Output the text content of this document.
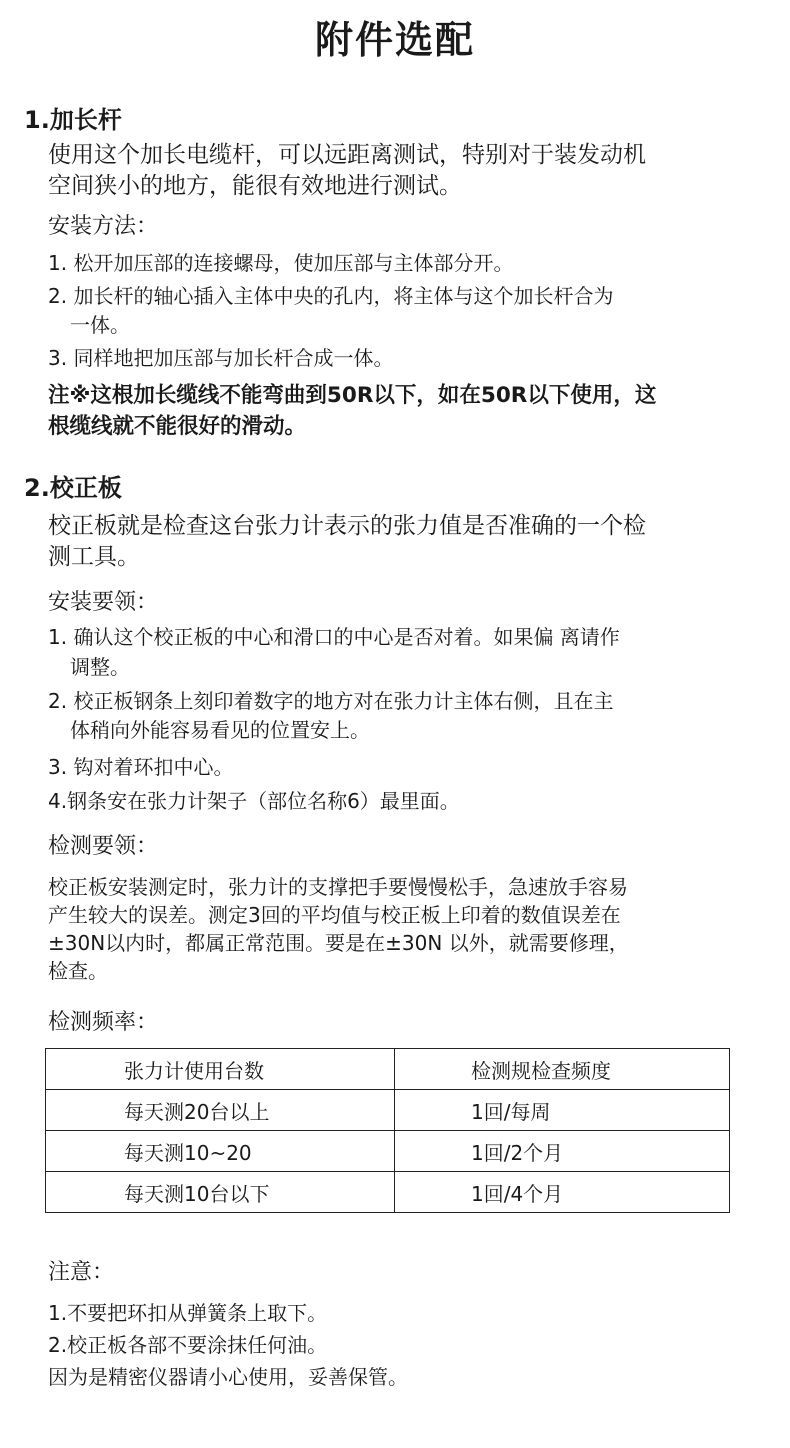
附件选配
1.加长杆
使用这个加长电缆杆，可以远距离测试，特别对于装发动机
空间狭小的地方，能很有效地进行测试。
安装方法：
1. 松开加压部的连接螺母，使加压部与主体部分开。
2. 加长杆的轴心插入主体中央的孔内，将主体与这个加长杆合为
一体。
3. 同样地把加压部与加长杆合成一体。
注※这根加长缆线不能弯曲到50R以下，如在50R以下使用，这
根缆线就不能很好的滑动。
2.校正板
校正板就是检查这台张力计表示的张力值是否准确的一个检
测工具。
安装要领：
1. 确认这个校正板的中心和滑口的中心是否对着。如果偏 离请作
调整。
2. 校正板钢条上刻印着数字的地方对在张力计主体右侧，且在主
体稍向外能容易看见的位置安上。
3. 钩对着环扣中心。
4.钢条安在张力计架子（部位名称6）最里面。
检测要领：
校正板安装测定时，张力计的支撑把手要慢慢松手，急速放手容易
产生较大的误差。测定3回的平均值与校正板上印着的数值误差在
±30N以内时，都属正常范围。要是在±30N 以外，就需要修理，
检查。
检测频率：
张力计使用台数	检测规检查频度
每天测20台以上	1回/每周
每天测10~20	1回/2个月
每天测10台以下	1回/4个月
注意：
1.不要把环扣从弹簧条上取下。
2.校正板各部不要涂抹任何油。
因为是精密仪器请小心使用，妥善保管。
